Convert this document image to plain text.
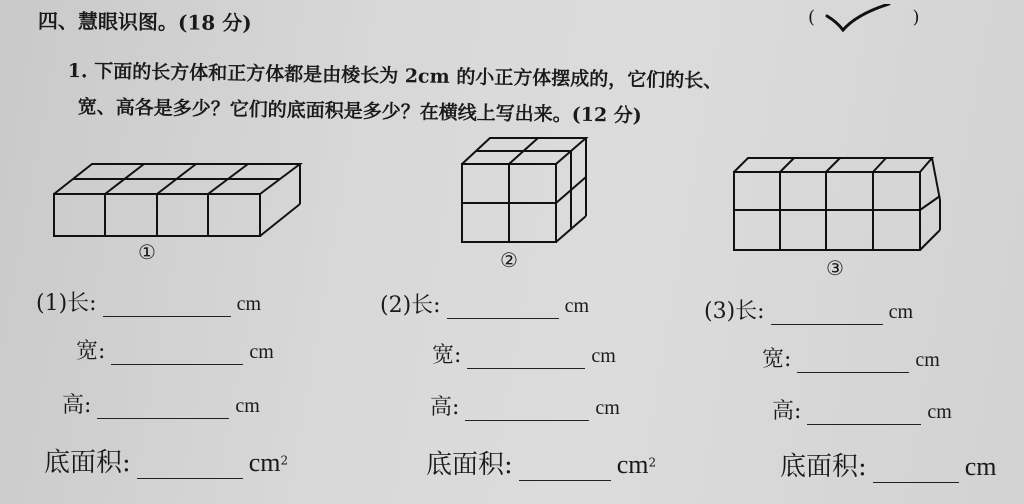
四、慧眼识图。(18 分)	(	)
1. 下面的长方体和正方体都是由棱长为 2cm 的小正方体摆成的，它们的长、
宽、高各是多少？它们的底面积是多少？在横线上写出来。(12 分)
①	②	③
(1)长:	cm
宽:	cm
高:	cm
底面积:	$cm^2$
(2)长:	cm
宽:	cm
高:	cm
底面积:	$cm^2$
(3)长:	cm
宽:	cm
高:	cm
底面积:	cm
